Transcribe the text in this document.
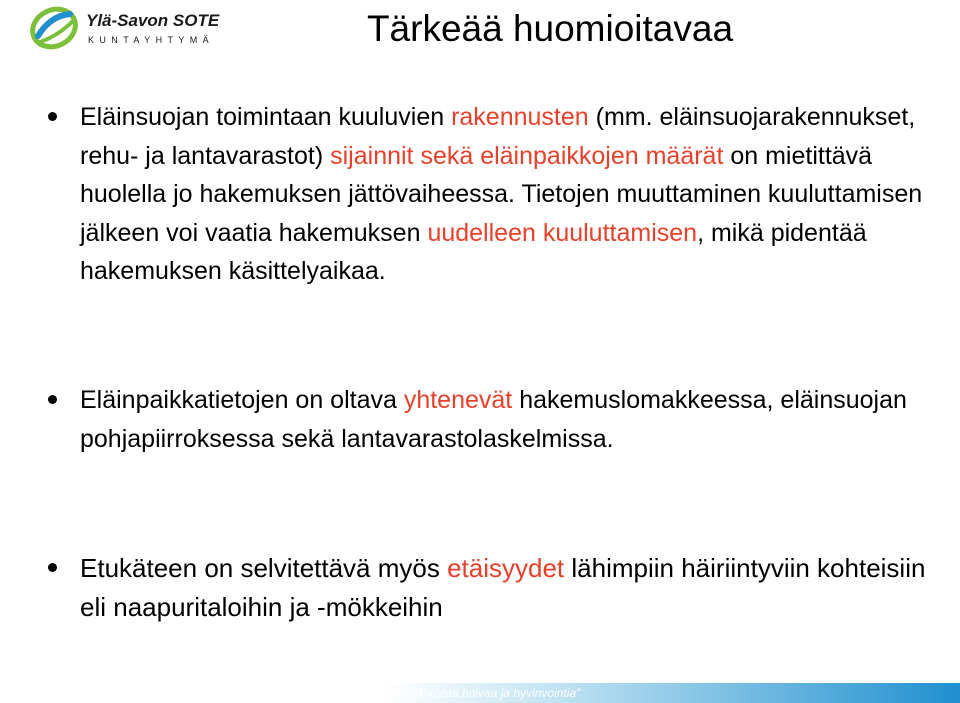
Ylä-Savon SOTE
KUNTAYHTYMÄ	Tärkeää huomioitavaa
Eläinsuojan toimintaan kuuluvien rakennusten (mm. eläinsuojarakennukset, rehu- ja lantavarastot) sijainnit sekä eläinpaikkojen määrät on mietittävä huolella jo hakemuksen jättövaiheessa. Tietojen muuttaminen kuuluttamisen jälkeen voi vaatia hakemuksen uudelleen kuuluttamisen, mikä pidentää hakemuksen käsittelyaikaa.
Eläinpaikkatietojen on oltava yhtenevät hakemuslomakkeessa, eläinsuojan pohjapiirroksessa sekä lantavarastolaskelmissa.
Etukäteen on selvitettävä myös etäisyydet lähimpiin häiriintyviin kohteisiin eli naapuritaloihin ja -mökkeihin
”Asiakaslähtöistä hoivaa ja hyvinvointia”
